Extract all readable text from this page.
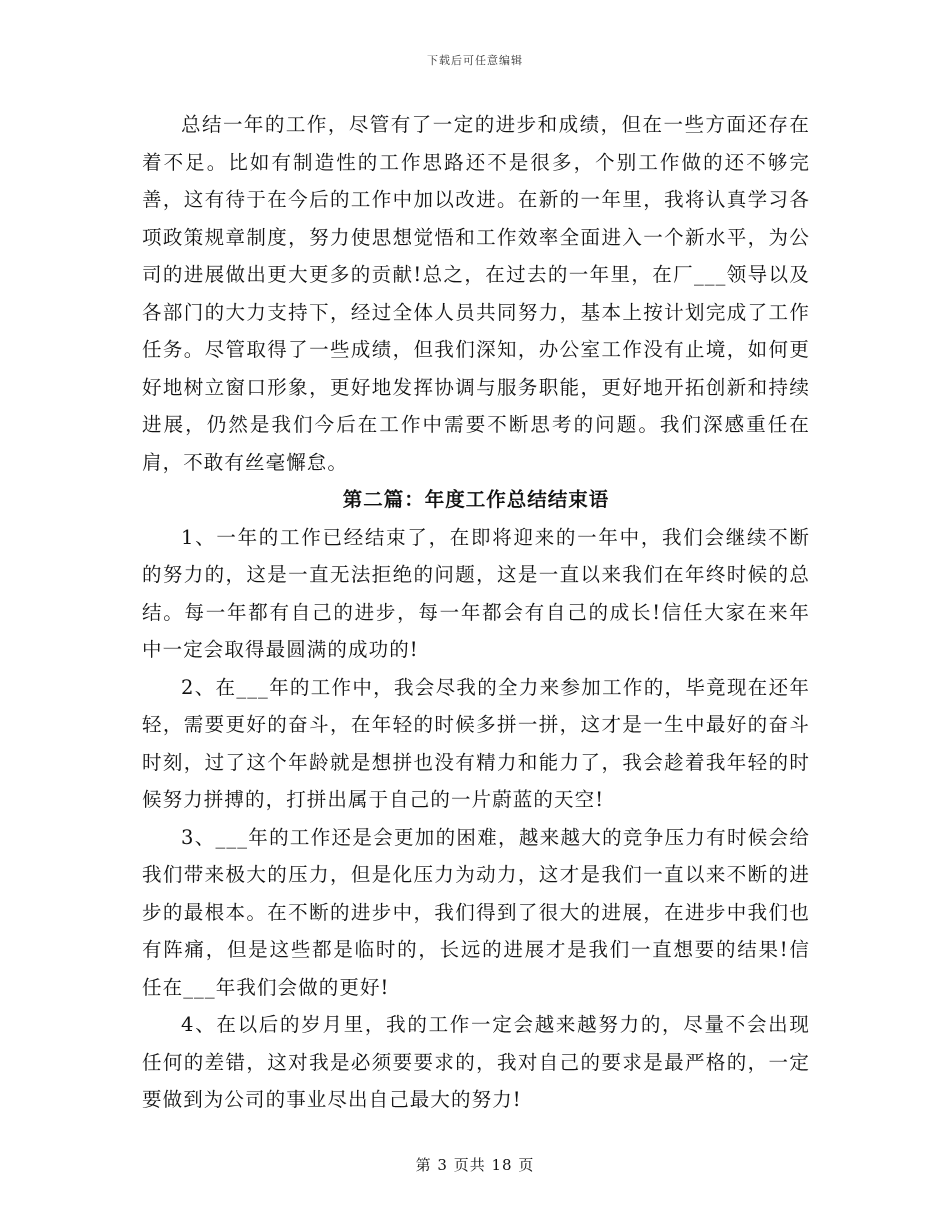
下载后可任意编辑

总结一年的工作，尽管有了一定的进步和成绩，但在一些方面还存在着不足。比如有制造性的工作思路还不是很多，个别工作做的还不够完善，这有待于在今后的工作中加以改进。在新的一年里，我将认真学习各项政策规章制度，努力使思想觉悟和工作效率全面进入一个新水平，为公司的进展做出更大更多的贡献!总之，在过去的一年里，在厂___领导以及各部门的大力支持下，经过全体人员共同努力，基本上按计划完成了工作任务。尽管取得了一些成绩，但我们深知，办公室工作没有止境，如何更好地树立窗口形象，更好地发挥协调与服务职能，更好地开拓创新和持续进展，仍然是我们今后在工作中需要不断思考的问题。我们深感重任在肩，不敢有丝毫懈怠。

第二篇：年度工作总结结束语

1、一年的工作已经结束了，在即将迎来的一年中，我们会继续不断的努力的，这是一直无法拒绝的问题，这是一直以来我们在年终时候的总结。每一年都有自己的进步，每一年都会有自己的成长!信任大家在来年中一定会取得最圆满的成功的!

2、在___年的工作中，我会尽我的全力来参加工作的，毕竟现在还年轻，需要更好的奋斗，在年轻的时候多拼一拼，这才是一生中最好的奋斗时刻，过了这个年龄就是想拼也没有精力和能力了，我会趁着我年轻的时候努力拼搏的，打拼出属于自己的一片蔚蓝的天空!

3、___年的工作还是会更加的困难，越来越大的竞争压力有时候会给我们带来极大的压力，但是化压力为动力，这才是我们一直以来不断的进步的最根本。在不断的进步中，我们得到了很大的进展，在进步中我们也有阵痛，但是这些都是临时的，长远的进展才是我们一直想要的结果!信任在___年我们会做的更好!

4、在以后的岁月里，我的工作一定会越来越努力的，尽量不会出现任何的差错，这对我是必须要要求的，我对自己的要求是最严格的，一定要做到为公司的事业尽出自己最大的努力!

第 3 页共 18 页
